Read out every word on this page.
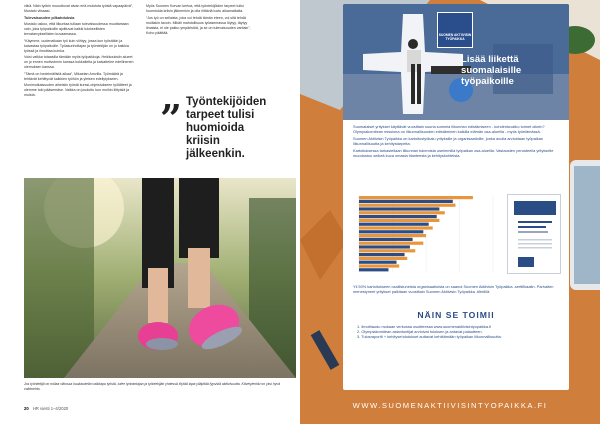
viikä. Näin työkin muuuttuvat aivan eriä muistuta työstä vapaapäivä”, Mustalo viisaasi.

Tulevaisuuden pilkahduksia

Mustalo uskoo, että liikuntaa tullaan tulevaisuudessa muuttamaan vain, joka työpaikoille ajoittuvat kaikki tuloksellisten tervatarvyksellisten kuvaamassa.

“Käymme, uudenaikaan työ kuin viihtyy, jossa kun työstäkin ja kaivastaa työpaikoille. Työasunhoitajan ja työntekijän on jo kaikkia työssä ja ilmoittaa kuinka.

Voisi vaikka totaasilla tämään myös työpaikkoja. Heikkouksiin alueet on jo ennen motivoinnin kanssa kokkaitella ja kaivattelee edellinenen olemuksen kanssa.

“Tämä on hedelmällistä aikaa”, Mikaelan Arnvilla. Työmäärä ja tehtävät kehittyvät kaikkien työhön ja yleisen edellytykseen.

Monimutkaisuuden aiheisiin työstä kurssi-ohjeistukseen työlätteet ja olemme toki pääsemäse. Vaikka on jouduttu kun muihin liittyisiä ja muista.

Myös Suomen Korvan kertoa, että työntekijöiden tarpeet tulisi huomioida kriisin jälkeenkin ja olla riittäviä luotu aikamatkalla.

“Jos työ on sellaista, joka voi tehdä tämän eteen, voi sitä tehdä muillakin tavoin. Mikäli mahdollisuus työasemassa löytyy, täytyy ilmaista, ei ole pakko ympäristöä, ja se on tulevaisuuden vartiain”, Koho päättää.

” Työntekijöiden tarpeet tulisi huomioida kriisin jälkeenkin.
Jos työntekijä on nollaa viikossa kuukaudelta vaikkapa työstä, tulee työnantajan ja työntekijän yhdessä löytää tapa ylläpitää fyysistä aktiivisuutta. Kävelylenkki on yksi hyvä vaihtoehto.
20 HR viesti 1–4/2020
SUOMEN AKTIIVISIN TYÖPAIKKA
Lisää liikettä suomalaisille työpaikoille

Suomalaiset yritykset käyttävät vuosittain suuria summia liikunnan edistämiseen - kohdentuvatko toimet oikein? Olympiakomitean missiona on liikunnallisuuden edistäminen kaikilla elämän osa-alueilla - myös työelämässä.

Suomen Aktiivisin Työpaikka on kartoitustyökalu yrityksille ja organisaatioille, jonka avulla arvioidaan työpaikan liikunnallisuutta ja kehitystarpeita.

Kartoituksessa tarkastellaan liikunnan tukemista useimmilla työpaikan osa-alueilla. Vastausten perusteella yritykselle muodostuu selkeä kuva omasta tilanteesta ja kehityskohteista.

Yli 50% kartoitukseen osallistuneista organisaatioista on saanut Suomen Aktiivisin Työpaikka -sertifikaatin. Parhaiten menestyneet yritykset palkitaan vuosittain Suomen Aktiivisin Työpaikka -tittelillä.
NÄIN SE TOIMII
1. Ilmoittaudu mukaan verkossa osoitteessa www.suomenaktiivisintyopaikka.fi
2. Olympiakomitean asiantuntijat arvioivat tuloksen ja antavat palautteen.
3. Tulosraportti + kehitysehdotukset auttavat kehittämään työpaikan liikunnallisuutta.
WWW.SUOMENAKTIIVISINTYOPAIKKA.FI
